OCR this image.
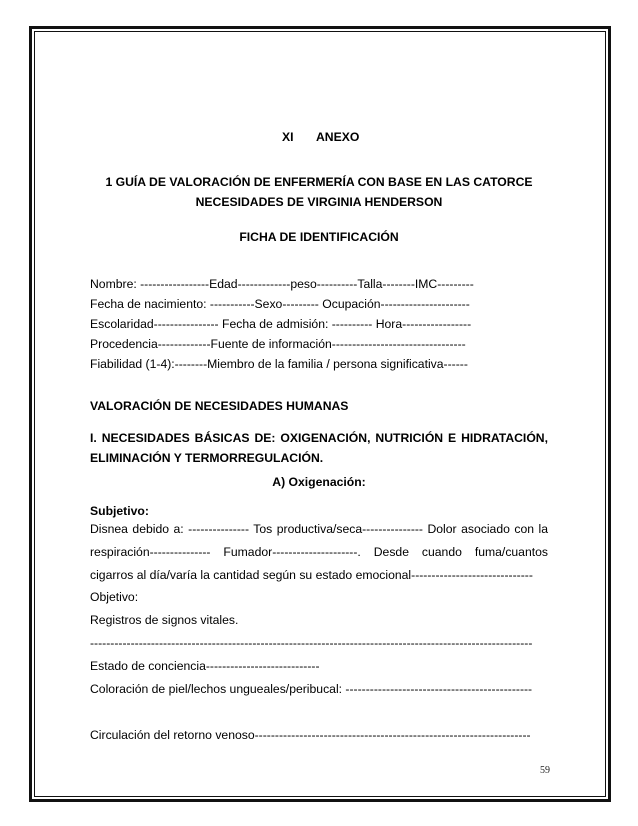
XI ANEXO
1 GUÍA DE VALORACIÓN DE ENFERMERÍA CON BASE EN LAS CATORCE
NECESIDADES DE VIRGINIA HENDERSON
FICHA DE IDENTIFICACIÓN
Nombre: -----------------Edad-------------peso----------Talla--------IMC---------
Fecha de nacimiento: -----------Sexo--------- Ocupación----------------------
Escolaridad---------------- Fecha de admisión: ---------- Hora-----------------
Procedencia-------------Fuente de información---------------------------------
Fiabilidad (1-4):--------Miembro de la familia / persona significativa------
VALORACIÓN DE NECESIDADES HUMANAS
I. NECESIDADES BÁSICAS DE: OXIGENACIÓN, NUTRICIÓN E HIDRATACIÓN, ELIMINACIÓN Y TERMORREGULACIÓN.
A) Oxigenación:
Subjetivo:
Disnea debido a: --------------- Tos productiva/seca--------------- Dolor asociado con la respiración--------------- Fumador---------------------. Desde cuando fuma/cuantos cigarros al día/varía la cantidad según su estado emocional------------------------------
Objetivo:
Registros de signos vitales.
-------------------------------------------------------------------------------------------------------------
Estado de conciencia----------------------------
Coloración de piel/lechos ungueales/peribucal: ----------------------------------------------
Circulación del retorno venoso--------------------------------------------------------------------
59
